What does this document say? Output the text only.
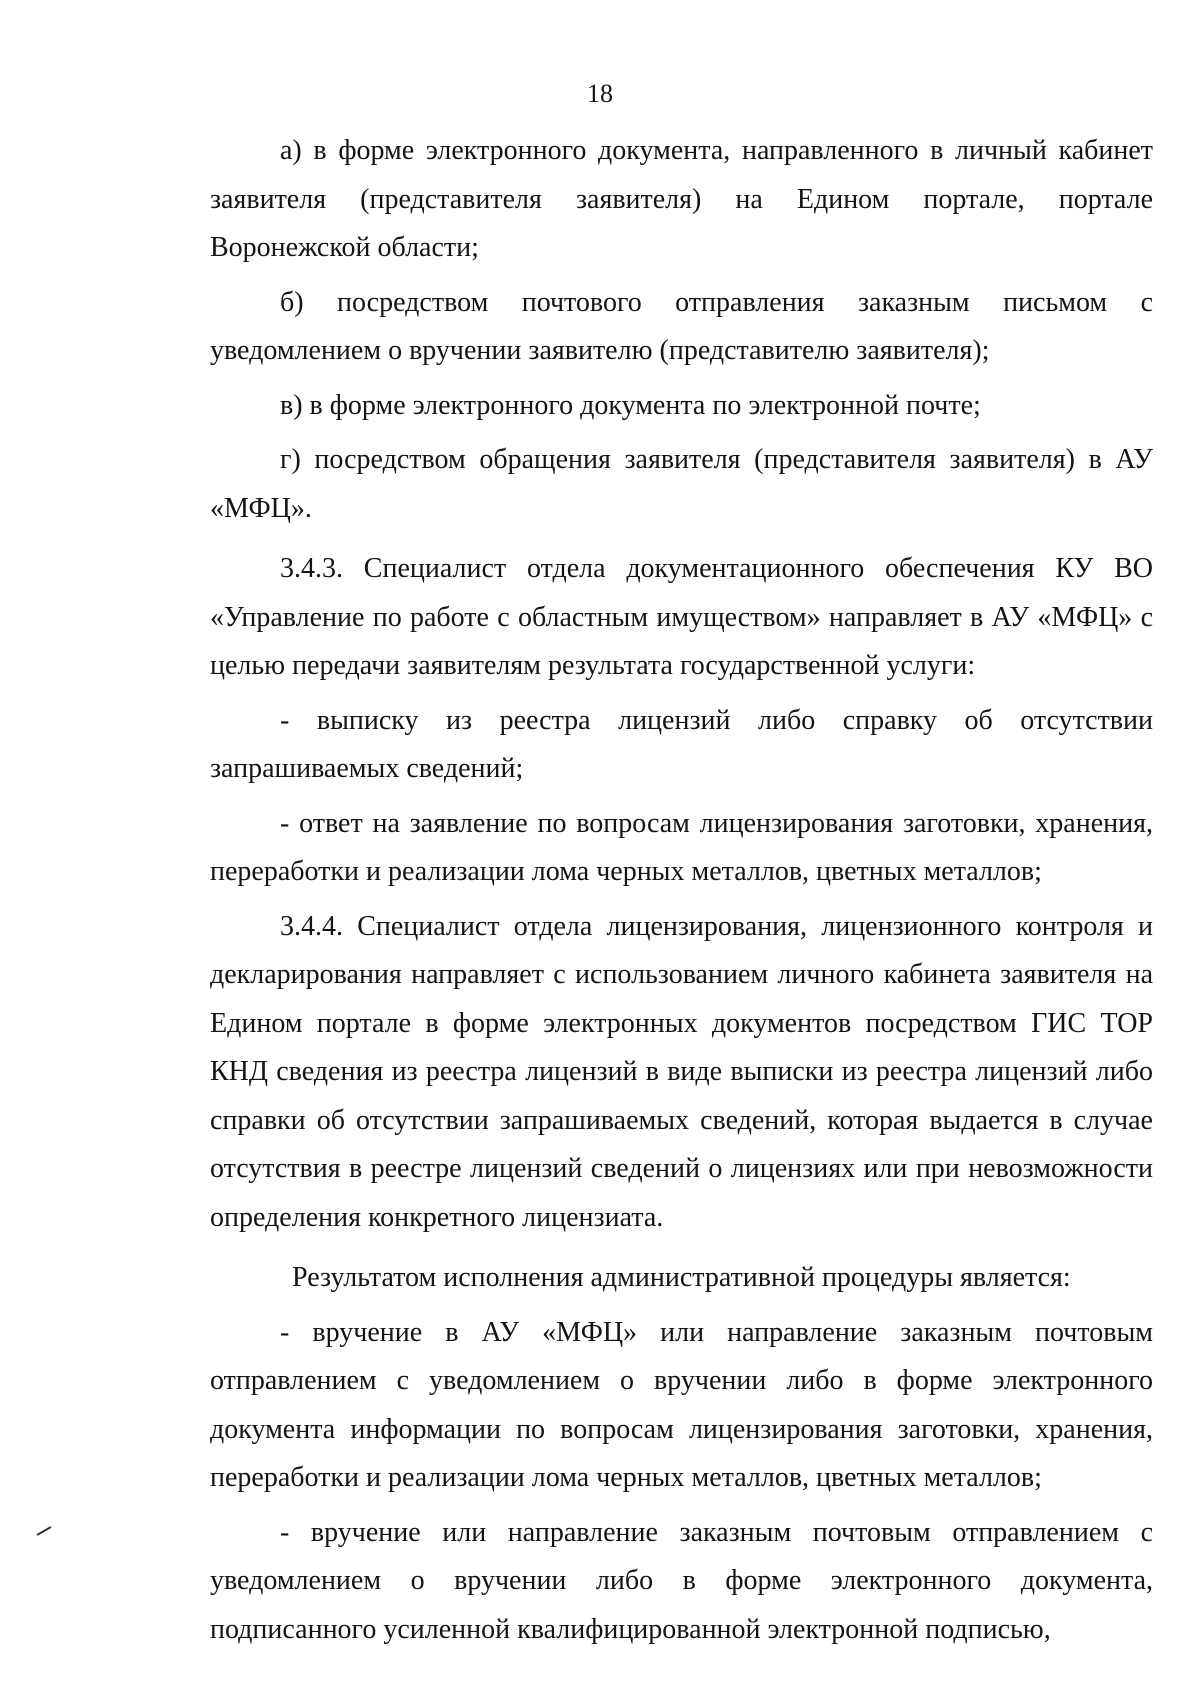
18

а) в форме электронного документа, направленного в личный кабинет заявителя (представителя заявителя) на Едином портале, портале Воронежской области;

б) посредством почтового отправления заказным письмом с уведомлением о вручении заявителю (представителю заявителя);

в) в форме электронного документа по электронной почте;

г) посредством обращения заявителя (представителя заявителя) в АУ «МФЦ».

3.4.3. Специалист отдела документационного обеспечения КУ ВО «Управление по работе с областным имуществом» направляет в АУ «МФЦ» с целью передачи заявителям результата государственной услуги:

- выписку из реестра лицензий либо справку об отсутствии запрашиваемых сведений;

- ответ на заявление по вопросам лицензирования заготовки, хранения, переработки и реализации лома черных металлов, цветных металлов;

3.4.4. Специалист отдела лицензирования, лицензионного контроля и декларирования направляет с использованием личного кабинета заявителя на Едином портале в форме электронных документов посредством ГИС ТОР КНД сведения из реестра лицензий в виде выписки из реестра лицензий либо справки об отсутствии запрашиваемых сведений, которая выдается в случае отсутствия в реестре лицензий сведений о лицензиях или при невозможности определения конкретного лицензиата.

Результатом исполнения административной процедуры является:

- вручение в АУ «МФЦ» или направление заказным почтовым отправлением с уведомлением о вручении либо в форме электронного документа информации по вопросам лицензирования заготовки, хранения, переработки и реализации лома черных металлов, цветных металлов;

- вручение или направление заказным почтовым отправлением с уведомлением о вручении либо в форме электронного документа, подписанного усиленной квалифицированной электронной подписью,
